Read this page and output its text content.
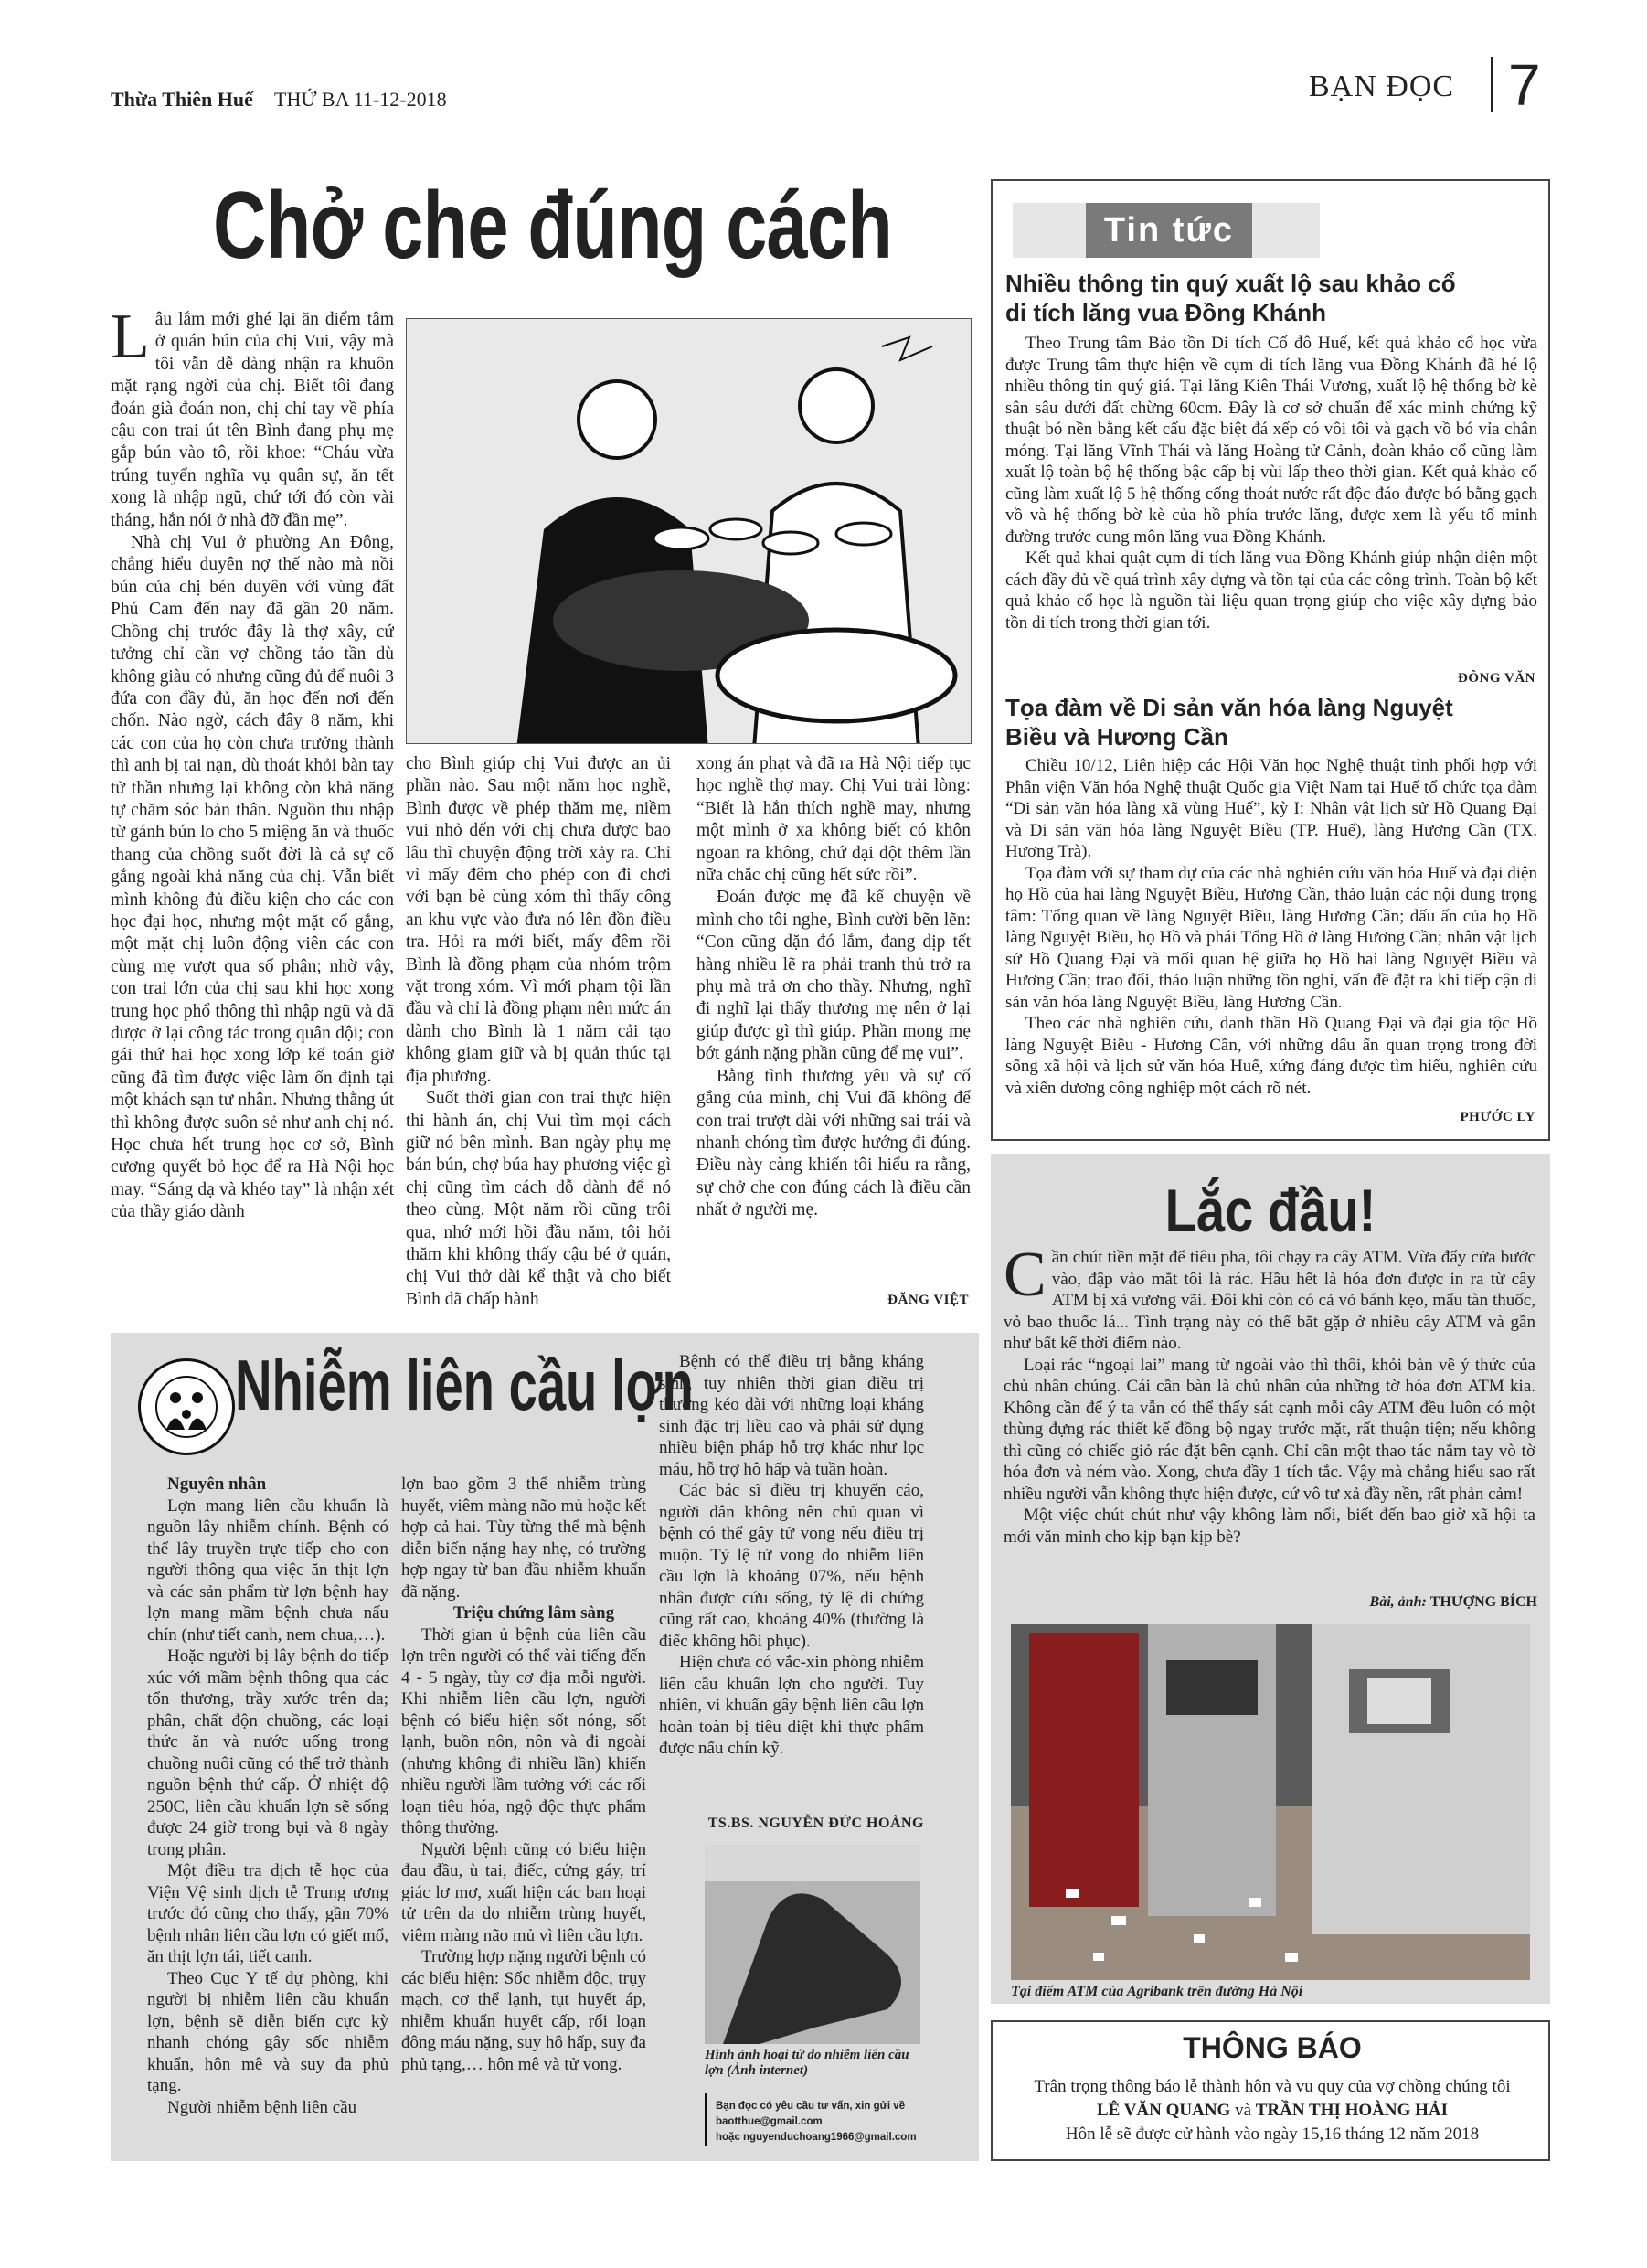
Thừa Thiên Huế THỨ BA 11-12-2018	BẠN ĐỌC 7
Chở che đúng cách

Lâu lắm mới ghé lại ăn điểm tâm ở quán bún của chị Vui, vậy mà tôi vẫn dễ dàng nhận ra khuôn mặt rạng ngời của chị. Biết tôi đang đoán già đoán non, chị chỉ tay về phía cậu con trai út tên Bình đang phụ mẹ gắp bún vào tô, rồi khoe: “Cháu vừa trúng tuyển nghĩa vụ quân sự, ăn tết xong là nhập ngũ, chứ tới đó còn vài tháng, hắn nói ở nhà đỡ đần mẹ”.

Nhà chị Vui ở phường An Đông, chẳng hiểu duyên nợ thế nào mà nồi bún của chị bén duyên với vùng đất Phú Cam đến nay đã gần 20 năm. Chồng chị trước đây là thợ xây, cứ tưởng chỉ cần vợ chồng tảo tần dù không giàu có nhưng cũng đủ để nuôi 3 đứa con đầy đủ, ăn học đến nơi đến chốn. Nào ngờ, cách đây 8 năm, khi các con của họ còn chưa trưởng thành thì anh bị tai nạn, dù thoát khỏi bàn tay tử thần nhưng lại không còn khả năng tự chăm sóc bản thân. Nguồn thu nhập từ gánh bún lo cho 5 miệng ăn và thuốc thang của chồng suốt đời là cả sự cố gắng ngoài khả năng của chị. Vẫn biết mình không đủ điều kiện cho các con học đại học, nhưng một mặt cố gắng, một mặt chị luôn động viên các con cùng mẹ vượt qua số phận; nhờ vậy, con trai lớn của chị sau khi học xong trung học phổ thông thì nhập ngũ và đã được ở lại công tác trong quân đội; con gái thứ hai học xong lớp kế toán giờ cũng đã tìm được việc làm ổn định tại một khách sạn tư nhân. Nhưng thằng út thì không được suôn sẻ như anh chị nó. Học chưa hết trung học cơ sở, Bình cương quyết bỏ học để ra Hà Nội học may. “Sáng dạ và khéo tay” là nhận xét của thầy giáo dành

cho Bình giúp chị Vui được an ủi phần nào. Sau một năm học nghề, Bình được về phép thăm mẹ, niềm vui nhỏ đến với chị chưa được bao lâu thì chuyện động trời xảy ra. Chỉ vì mấy đêm cho phép con đi chơi với bạn bè cùng xóm thì thấy công an khu vực vào đưa nó lên đồn điều tra. Hỏi ra mới biết, mấy đêm rồi Bình là đồng phạm của nhóm trộm vặt trong xóm. Vì mới phạm tội lần đầu và chỉ là đồng phạm nên mức án dành cho Bình là 1 năm cải tạo không giam giữ và bị quản thúc tại địa phương.

Suốt thời gian con trai thực hiện thi hành án, chị Vui tìm mọi cách giữ nó bên mình. Ban ngày phụ mẹ bán bún, chợ búa hay phương việc gì chị cũng tìm cách dỗ dành để nó theo cùng. Một năm rồi cũng trôi qua, nhớ mới hồi đầu năm, tôi hỏi thăm khi không thấy cậu bé ở quán, chị Vui thở dài kể thật và cho biết Bình đã chấp hành

xong án phạt và đã ra Hà Nội tiếp tục học nghề thợ may. Chị Vui trải lòng: “Biết là hắn thích nghề may, nhưng một mình ở xa không biết có khôn ngoan ra không, chứ dại dột thêm lần nữa chắc chị cũng hết sức rồi”.

Đoán được mẹ đã kể chuyện về mình cho tôi nghe, Bình cười bẽn lẽn: “Con cũng dặn đó lắm, đang dịp tết hàng nhiều lẽ ra phải tranh thủ trở ra phụ mà trả ơn cho thầy. Nhưng, nghĩ đi nghĩ lại thấy thương mẹ nên ở lại giúp được gì thì giúp. Phần mong mẹ bớt gánh nặng phần cũng để mẹ vui”.

Bằng tình thương yêu và sự cố gắng của mình, chị Vui đã không để con trai trượt dài với những sai trái và nhanh chóng tìm được hướng đi đúng. Điều này càng khiến tôi hiểu ra rằng, sự chở che con đúng cách là điều cần nhất ở người mẹ.

ĐĂNG VIỆT
Tin tức
Nhiều thông tin quý xuất lộ sau khảo cổ di tích lăng vua Đồng Khánh

Theo Trung tâm Bảo tồn Di tích Cố đô Huế, kết quả khảo cổ học vừa được Trung tâm thực hiện về cụm di tích lăng vua Đồng Khánh đã hé lộ nhiều thông tin quý giá. Tại lăng Kiên Thái Vương, xuất lộ hệ thống bờ kè sân sâu dưới đất chừng 60cm. Đây là cơ sở chuẩn để xác minh chứng kỹ thuật bó nền bằng kết cấu đặc biệt đá xếp có vôi tôi và gạch vồ bó vỉa chân móng. Tại lăng Vĩnh Thái và lăng Hoàng tử Cảnh, đoàn khảo cổ cũng làm xuất lộ toàn bộ hệ thống bậc cấp bị vùi lấp theo thời gian. Kết quả khảo cổ cũng làm xuất lộ 5 hệ thống cống thoát nước rất độc đáo được bó bằng gạch vồ và hệ thống bờ kè của hồ phía trước lăng, được xem là yếu tố minh đường trước cung môn lăng vua Đồng Khánh.

Kết quả khai quật cụm di tích lăng vua Đồng Khánh giúp nhận diện một cách đầy đủ về quá trình xây dựng và tồn tại của các công trình. Toàn bộ kết quả khảo cổ học là nguồn tài liệu quan trọng giúp cho việc xây dựng bảo tồn di tích trong thời gian tới.

ĐÔNG VĂN
Tọa đàm về Di sản văn hóa làng Nguyệt Biều và Hương Cần

Chiều 10/12, Liên hiệp các Hội Văn học Nghệ thuật tỉnh phối hợp với Phân viện Văn hóa Nghệ thuật Quốc gia Việt Nam tại Huế tổ chức tọa đàm “Di sản văn hóa làng xã vùng Huế”, kỳ I: Nhân vật lịch sử Hồ Quang Đại và Di sản văn hóa làng Nguyệt Biều (TP. Huế), làng Hương Cần (TX. Hương Trà).

Tọa đàm với sự tham dự của các nhà nghiên cứu văn hóa Huế và đại diện họ Hồ của hai làng Nguyệt Biều, Hương Cần, thảo luận các nội dung trọng tâm: Tổng quan về làng Nguyệt Biều, làng Hương Cần; dấu ấn của họ Hồ làng Nguyệt Biều, họ Hồ và phái Tổng Hồ ở làng Hương Cần; nhân vật lịch sử Hồ Quang Đại và mối quan hệ giữa họ Hồ hai làng Nguyệt Biều và Hương Cần; trao đổi, thảo luận những tồn nghi, vấn đề đặt ra khi tiếp cận di sản văn hóa làng Nguyệt Biều, làng Hương Cần.

Theo các nhà nghiên cứu, danh thần Hồ Quang Đại và đại gia tộc Hồ làng Nguyệt Biều - Hương Cần, với những dấu ấn quan trọng trong đời sống xã hội và lịch sử văn hóa Huế, xứng đáng được tìm hiểu, nghiên cứu và xiển dương công nghiệp một cách rõ nét.

PHƯỚC LY
Lắc đầu!

Cần chút tiền mặt để tiêu pha, tôi chạy ra cây ATM. Vừa đẩy cửa bước vào, đập vào mắt tôi là rác. Hầu hết là hóa đơn được in ra từ cây ATM bị xả vương vãi. Đôi khi còn có cả vỏ bánh kẹo, mẩu tàn thuốc, vỏ bao thuốc lá... Tình trạng này có thể bắt gặp ở nhiều cây ATM và gần như bất kể thời điểm nào.

Loại rác “ngoại lai” mang từ ngoài vào thì thôi, khỏi bàn về ý thức của chủ nhân chúng. Cái cần bàn là chủ nhân của những tờ hóa đơn ATM kia. Không cần để ý ta vẫn có thể thấy sát cạnh mỗi cây ATM đều luôn có một thùng đựng rác thiết kế đồng bộ ngay trước mặt, rất thuận tiện; nếu không thì cũng có chiếc giỏ rác đặt bên cạnh. Chỉ cần một thao tác nắm tay vò tờ hóa đơn và ném vào. Xong, chưa đầy 1 tích tắc. Vậy mà chẳng hiểu sao rất nhiều người vẫn không thực hiện được, cứ vô tư xả đầy nền, rất phản cảm!

Một việc chút chút như vậy không làm nổi, biết đến bao giờ xã hội ta mới văn minh cho kịp bạn kịp bè?

Bài, ảnh: THƯỢNG BÍCH
Tại điểm ATM của Agribank trên đường Hà Nội
THÔNG BÁO
Trân trọng thông báo lễ thành hôn và vu quy của vợ chồng chúng tôi
LÊ VĂN QUANG và TRẦN THỊ HOÀNG HẢI
Hôn lễ sẽ được cử hành vào ngày 15,16 tháng 12 năm 2018
Nhiễm liên cầu lợn

Nguyên nhân

Lợn mang liên cầu khuẩn là nguồn lây nhiễm chính. Bệnh có thể lây truyền trực tiếp cho con người thông qua việc ăn thịt lợn và các sản phẩm từ lợn bệnh hay lợn mang mầm bệnh chưa nấu chín (như tiết canh, nem chua,…).

Hoặc người bị lây bệnh do tiếp xúc với mầm bệnh thông qua các tổn thương, trầy xước trên da; phân, chất độn chuồng, các loại thức ăn và nước uống trong chuồng nuôi cũng có thể trở thành nguồn bệnh thứ cấp. Ở nhiệt độ 250C, liên cầu khuẩn lợn sẽ sống được 24 giờ trong bụi và 8 ngày trong phân.

Một điều tra dịch tễ học của Viện Vệ sinh dịch tễ Trung ương trước đó cũng cho thấy, gần 70% bệnh nhân liên cầu lợn có giết mổ, ăn thịt lợn tái, tiết canh.

Theo Cục Y tế dự phòng, khi người bị nhiễm liên cầu khuẩn lợn, bệnh sẽ diễn biến cực kỳ nhanh chóng gây sốc nhiễm khuẩn, hôn mê và suy đa phủ tạng.

Người nhiễm bệnh liên cầu

lợn bao gồm 3 thể nhiễm trùng huyết, viêm màng não mủ hoặc kết hợp cả hai. Tùy từng thể mà bệnh diễn biến nặng hay nhẹ, có trường hợp ngay từ ban đầu nhiễm khuẩn đã nặng.

Triệu chứng lâm sàng

Thời gian ủ bệnh của liên cầu lợn trên người có thể vài tiếng đến 4 - 5 ngày, tùy cơ địa mỗi người. Khi nhiễm liên cầu lợn, người bệnh có biểu hiện sốt nóng, sốt lạnh, buồn nôn, nôn và đi ngoài (nhưng không đi nhiều lần) khiến nhiều người lầm tưởng với các rối loạn tiêu hóa, ngộ độc thực phẩm thông thường.

Người bệnh cũng có biểu hiện đau đầu, ù tai, điếc, cứng gáy, trí giác lơ mơ, xuất hiện các ban hoại tử trên da do nhiễm trùng huyết, viêm màng não mủ vì liên cầu lợn.

Trường hợp nặng người bệnh có các biểu hiện: Sốc nhiễm độc, trụy mạch, cơ thể lạnh, tụt huyết áp, nhiễm khuẩn huyết cấp, rối loạn đông máu nặng, suy hô hấp, suy đa phủ tạng,… hôn mê và tử vong.

Bệnh có thể điều trị bằng kháng sinh, tuy nhiên thời gian điều trị thường kéo dài với những loại kháng sinh đặc trị liều cao và phải sử dụng nhiều biện pháp hỗ trợ khác như lọc máu, hỗ trợ hô hấp và tuần hoàn.

Các bác sĩ điều trị khuyến cáo, người dân không nên chủ quan vì bệnh có thể gây tử vong nếu điều trị muộn. Tỷ lệ tử vong do nhiễm liên cầu lợn là khoảng 07%, nếu bệnh nhân được cứu sống, tỷ lệ di chứng cũng rất cao, khoảng 40% (thường là điếc không hồi phục).

Hiện chưa có vắc-xin phòng nhiễm liên cầu khuẩn lợn cho người. Tuy nhiên, vi khuẩn gây bệnh liên cầu lợn hoàn toàn bị tiêu diệt khi thực phẩm được nấu chín kỹ.

TS.BS. NGUYỄN ĐỨC HOÀNG
Hình ảnh hoại tử do nhiễm liên cầu lợn (Ảnh internet)
Bạn đọc có yêu cầu tư vấn, xin gửi về
baotthue@gmail.com
hoặc nguyenduchoang1966@gmail.com
